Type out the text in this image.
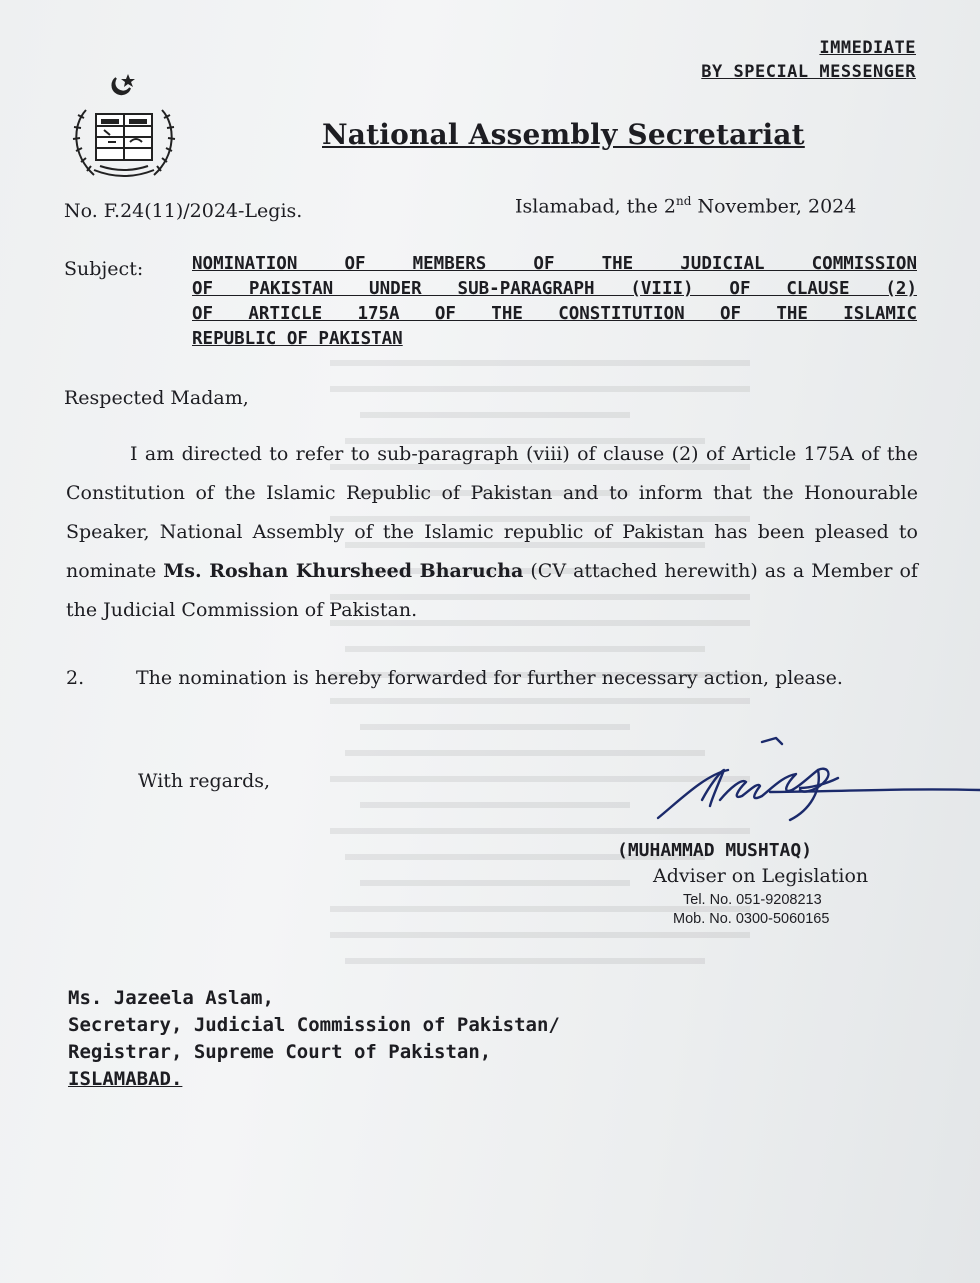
IMMEDIATE
BY SPECIAL MESSENGER
National Assembly Secretariat
No. F.24(11)/2024-Legis.	Islamabad, the 2nd November, 2024
Subject:	NOMINATION OF MEMBERS OF THE JUDICIAL COMMISSION
OF PAKISTAN UNDER SUB-PARAGRAPH (VIII) OF CLAUSE (2)
OF ARTICLE 175A OF THE CONSTITUTION OF THE ISLAMIC
REPUBLIC OF PAKISTAN
Respected Madam,
I am directed to refer to sub-paragraph (viii) of clause (2) of Article 175A of the Constitution of the Islamic Republic of Pakistan and to inform that the Honourable Speaker, National Assembly of the Islamic republic of Pakistan has been pleased to nominate Ms. Roshan Khursheed Bharucha (CV attached herewith) as a Member of the Judicial Commission of Pakistan.
2.	The nomination is hereby forwarded for further necessary action, please.
With regards,
(MUHAMMAD MUSHTAQ)
Adviser on Legislation
Tel. No. 051-9208213
Mob. No. 0300-5060165
Ms. Jazeela Aslam,
Secretary, Judicial Commission of Pakistan/
Registrar, Supreme Court of Pakistan,
ISLAMABAD.
